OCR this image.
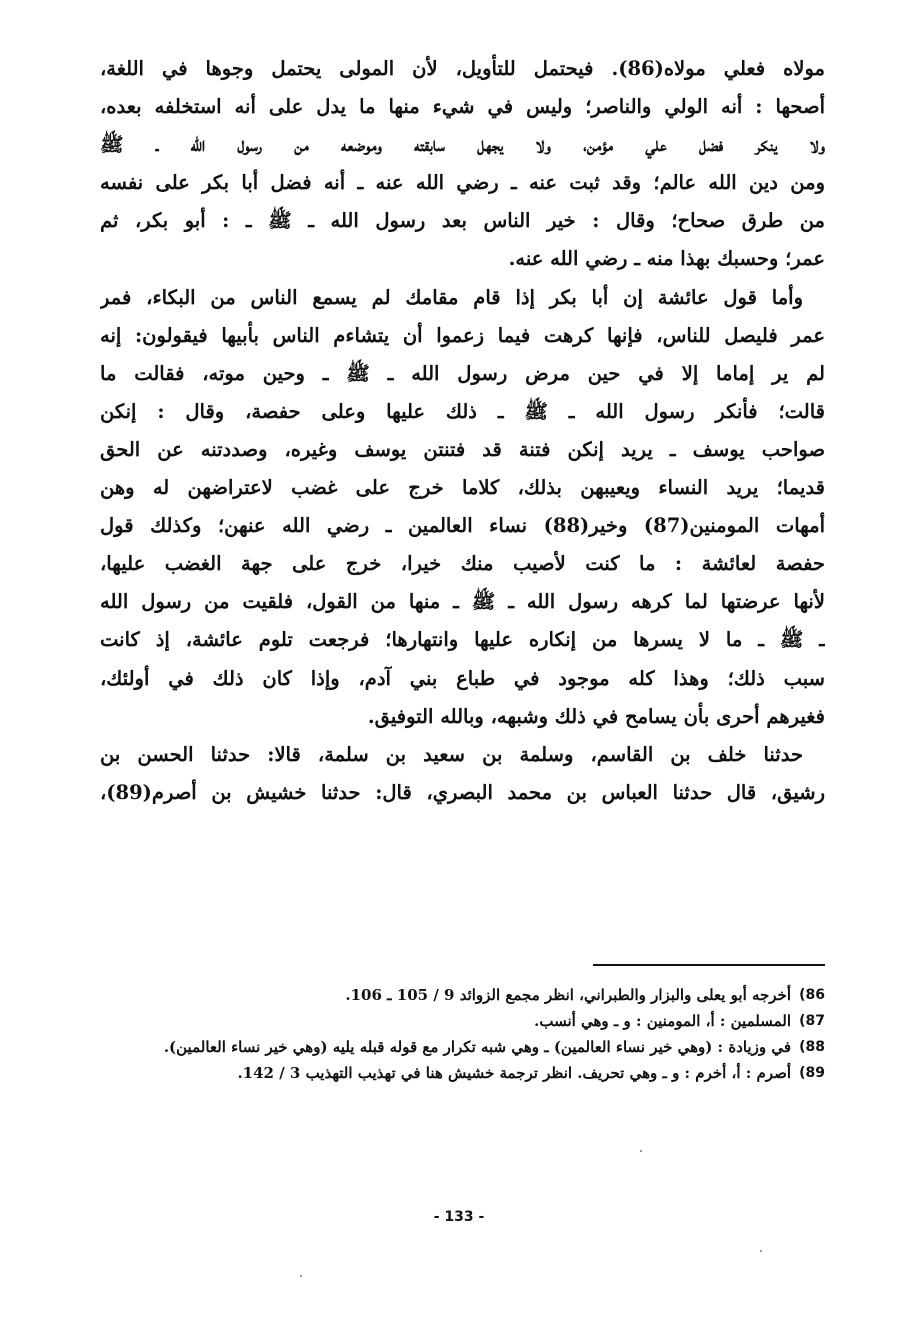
مولاه فعلي مولاه(86). فيحتمل للتأويل، لأن المولى يحتمل وجوها في اللغة،
أصحها : أنه الولي والناصر؛ وليس في شيء منها ما يدل على أنه استخلفه بعده،
ولا ينكر فضل علي مؤمن، ولا يجهل سابقته وموضعه من رسول الله ـ ﷺ
ومن دين الله عالم؛ وقد ثبت عنه ـ رضي الله عنه ـ أنه فضل أبا بكر على نفسه
من طرق صحاح؛ وقال : خير الناس بعد رسول الله ـ ﷺ ـ : أبو بكر، ثم
عمر؛ وحسبك بهذا منه ـ رضي الله عنه.
وأما قول عائشة إن أبا بكر إذا قام مقامك لم يسمع الناس من البكاء، فمر
عمر فليصل للناس، فإنها كرهت فيما زعموا أن يتشاءم الناس بأبيها فيقولون: إنه
لم ير إماما إلا في حين مرض رسول الله ـ ﷺ ـ وحين موته، فقالت ما
قالت؛ فأنكر رسول الله ـ ﷺ ـ ذلك عليها وعلى حفصة، وقال : إنكن
صواحب يوسف ـ يريد إنكن فتنة قد فتنتن يوسف وغيره، وصددتنه عن الحق
قديما؛ يريد النساء ويعيبهن بذلك، كلاما خرج على غضب لاعتراضهن له وهن
أمهات المومنين(87) وخير(88) نساء العالمين ـ رضي الله عنهن؛ وكذلك قول
حفصة لعائشة : ما كنت لأصيب منك خيرا، خرج على جهة الغضب عليها،
لأنها عرضتها لما كرهه رسول الله ـ ﷺ ـ منها من القول، فلقيت من رسول الله
ـ ﷺ ـ ما لا يسرها من إنكاره عليها وانتهارها؛ فرجعت تلوم عائشة، إذ كانت
سبب ذلك؛ وهذا كله موجود في طباع بني آدم، وإذا كان ذلك في أولئك،
فغيرهم أحرى بأن يسامح في ذلك وشبهه، وبالله التوفيق.
حدثنا خلف بن القاسم، وسلمة بن سعيد بن سلمة، قالا: حدثنا الحسن بن
رشيق، قال حدثنا العباس بن محمد البصري، قال: حدثنا خشيش بن أصرم(89)،
86)
أخرجه أبو يعلى والبزار والطبراني، انظر مجمع الزوائد 9 / 105 ـ 106.
87)
المسلمين : أ، المومنين : و ـ وهي أنسب.
88)
في وزيادة : (وهي خير نساء العالمين) ـ وهي شبه تكرار مع قوله قبله يليه (وهي خير نساء العالمين).
89)
أصرم : أ، أخرم : و ـ وهي تحريف. انظر ترجمة خشيش هنا في تهذيب التهذيب 3 / 142.
- 133 -
